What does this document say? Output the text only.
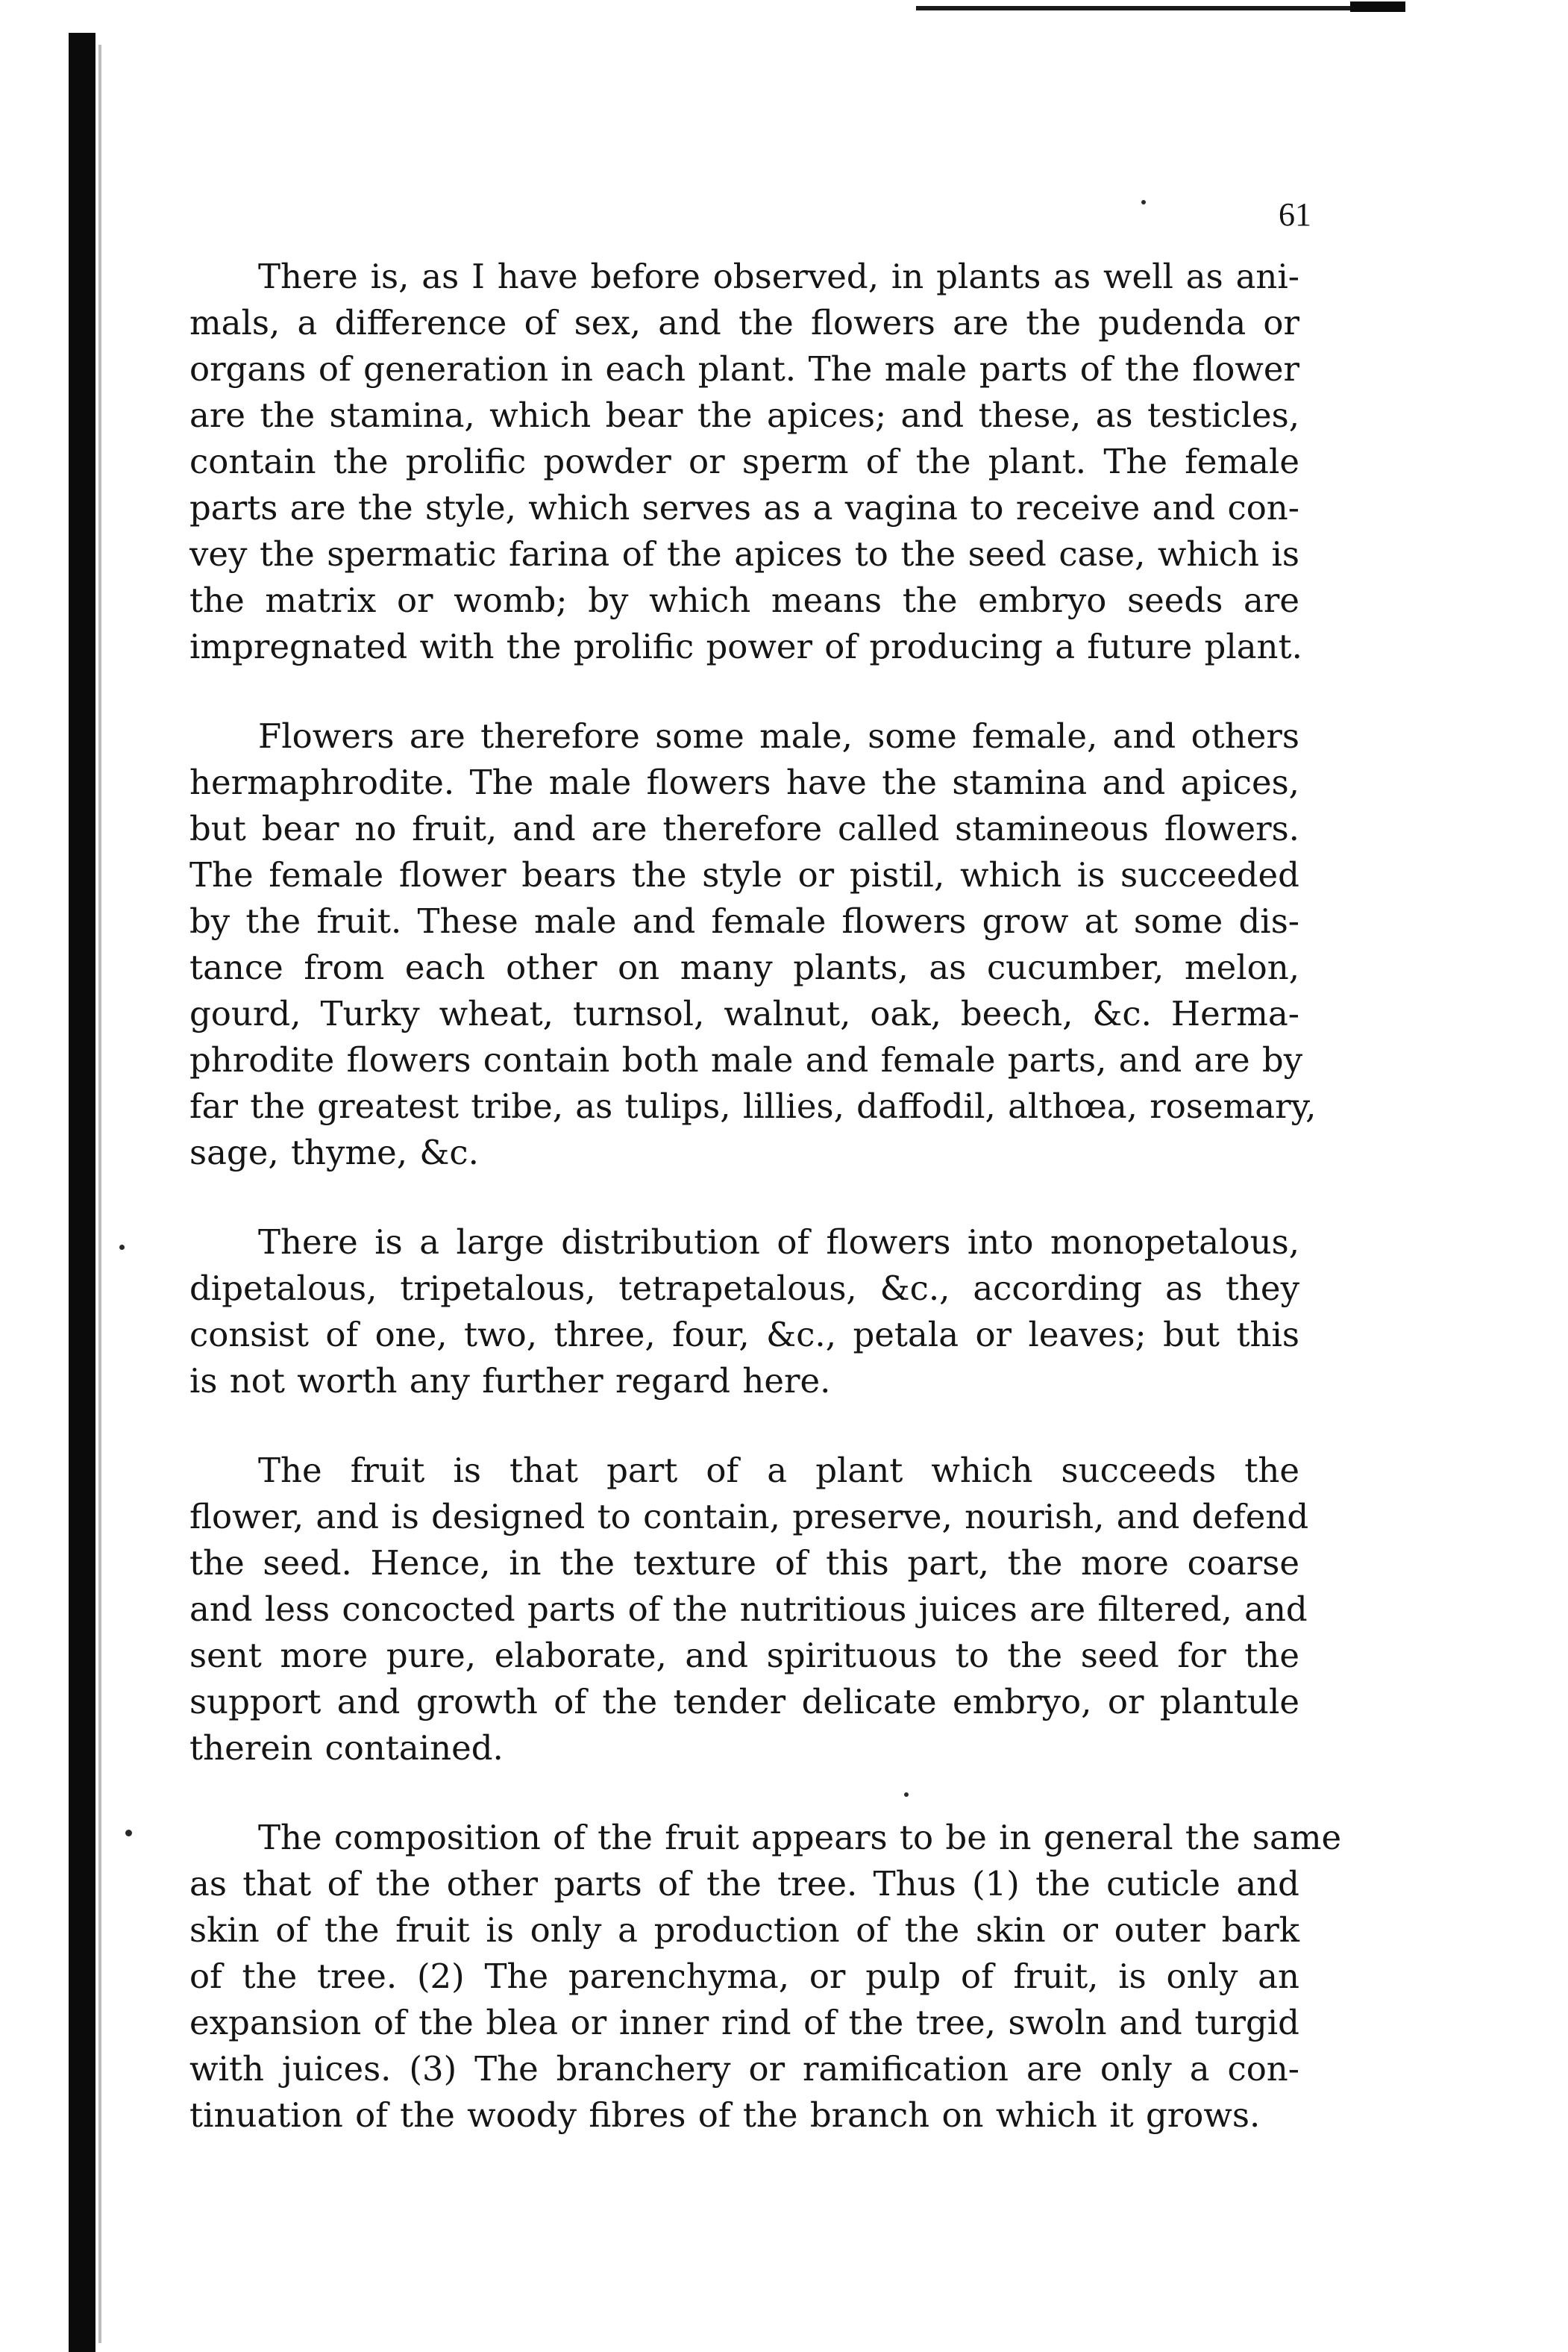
61

There is, as I have before observed, in plants as well as ani-
mals, a difference of sex, and the flowers are the pudenda or
organs of generation in each plant. The male parts of the flower
are the stamina, which bear the apices; and these, as testicles,
contain the prolific powder or sperm of the plant. The female
parts are the style, which serves as a vagina to receive and con-
vey the spermatic farina of the apices to the seed case, which is
the matrix or womb; by which means the embryo seeds are
impregnated with the prolific power of producing a future plant.

Flowers are therefore some male, some female, and others
hermaphrodite. The male flowers have the stamina and apices,
but bear no fruit, and are therefore called stamineous flowers.
The female flower bears the style or pistil, which is succeeded
by the fruit. These male and female flowers grow at some dis-
tance from each other on many plants, as cucumber, melon,
gourd, Turky wheat, turnsol, walnut, oak, beech, &c. Herma-
phrodite flowers contain both male and female parts, and are by
far the greatest tribe, as tulips, lillies, daffodil, althœa, rosemary,
sage, thyme, &c.

There is a large distribution of flowers into monopetalous,
dipetalous, tripetalous, tetrapetalous, &c., according as they
consist of one, two, three, four, &c., petala or leaves; but this
is not worth any further regard here.

The fruit is that part of a plant which succeeds the
flower, and is designed to contain, preserve, nourish, and defend
the seed. Hence, in the texture of this part, the more coarse
and less concocted parts of the nutritious juices are filtered, and
sent more pure, elaborate, and spirituous to the seed for the
support and growth of the tender delicate embryo, or plantule
therein contained.

The composition of the fruit appears to be in general the same
as that of the other parts of the tree. Thus (1) the cuticle and
skin of the fruit is only a production of the skin or outer bark
of the tree. (2) The parenchyma, or pulp of fruit, is only an
expansion of the blea or inner rind of the tree, swoln and turgid
with juices. (3) The branchery or ramification are only a con-
tinuation of the woody fibres of the branch on which it grows.
